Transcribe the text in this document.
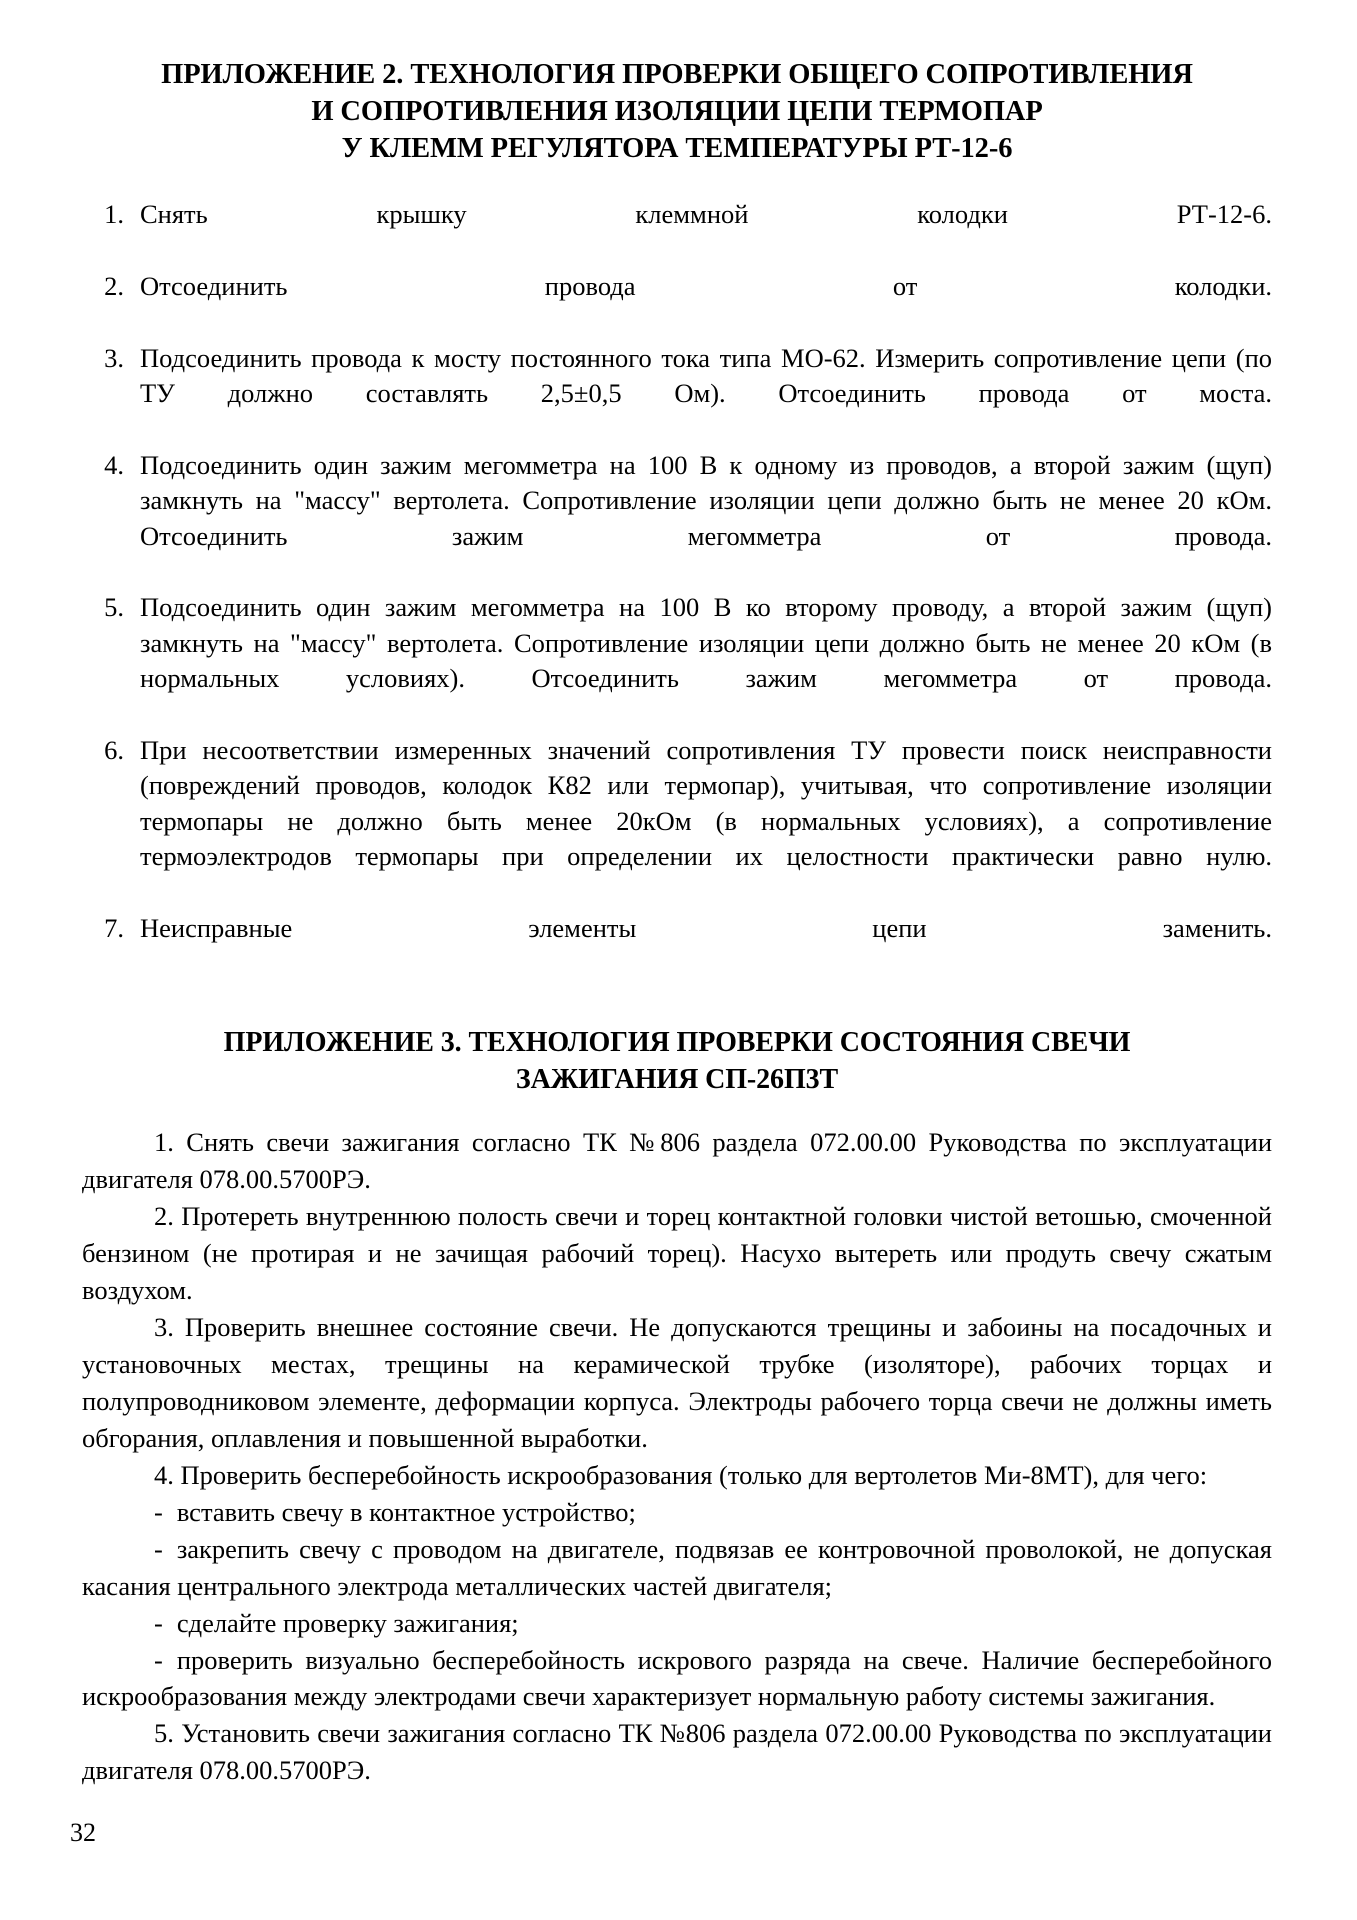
ПРИЛОЖЕНИЕ 2. ТЕХНОЛОГИЯ ПРОВЕРКИ ОБЩЕГО СОПРОТИВЛЕНИЯ
И СОПРОТИВЛЕНИЯ ИЗОЛЯЦИИ ЦЕПИ ТЕРМОПАР
У КЛЕММ РЕГУЛЯТОРА ТЕМПЕРАТУРЫ РТ-12-6
1. Снять крышку клеммной колодки РТ-12-6.
2. Отсоединить провода от колодки.
3. Подсоединить провода к мосту постоянного тока типа МО-62. Измерить сопротивление цепи (по ТУ должно составлять 2,5±0,5 Ом). Отсоединить провода от моста.
4. Подсоединить один зажим мегомметра на 100 В к одному из проводов, а второй зажим (щуп) замкнуть на "массу" вертолета. Сопротивление изоляции цепи должно быть не менее 20 кОм. Отсоединить зажим мегомметра от провода.
5. Подсоединить один зажим мегомметра на 100 В ко второму проводу, а второй зажим (щуп) замкнуть на "массу" вертолета. Сопротивление изоляции цепи должно быть не менее 20 кОм (в нормальных условиях). Отсоединить зажим мегомметра от провода.
6. При несоответствии измеренных значений сопротивления ТУ провести поиск неисправности (повреждений проводов, колодок К82 или термопар), учитывая, что сопротивление изоляции термопары не должно быть менее 20кОм (в нормальных условиях), а сопротивление термоэлектродов термопары при определении их целостности практически равно нулю.
7. Неисправные элементы цепи заменить.
ПРИЛОЖЕНИЕ 3. ТЕХНОЛОГИЯ ПРОВЕРКИ СОСТОЯНИЯ СВЕЧИ
ЗАЖИГАНИЯ СП-26П3Т

1. Снять свечи зажигания согласно ТК №806 раздела 072.00.00 Руководства по эксплуатации двигателя 078.00.5700РЭ.

2. Протереть внутреннюю полость свечи и торец контактной головки чистой ветошью, смоченной бензином (не протирая и не зачищая рабочий торец). Насухо вытереть или продуть свечу сжатым воздухом.

3. Проверить внешнее состояние свечи. Не допускаются трещины и забоины на посадочных и установочных местах, трещины на керамической трубке (изоляторе), рабочих торцах и полупроводниковом элементе, деформации корпуса. Электроды рабочего торца свечи не должны иметь обгорания, оплавления и повышенной выработки.

4. Проверить бесперебойность искрообразования (только для вертолетов Ми-8МТ), для чего:

- вставить свечу в контактное устройство;

- закрепить свечу с проводом на двигателе, подвязав ее контровочной проволокой, не допуская касания центрального электрода металлических частей двигателя;

- сделайте проверку зажигания;

- проверить визуально бесперебойность искрового разряда на свече. Наличие бесперебойного искрообразования между электродами свечи характеризует нормальную работу системы зажигания.

5. Установить свечи зажигания согласно ТК №806 раздела 072.00.00 Руководства по эксплуатации двигателя 078.00.5700РЭ.

32
